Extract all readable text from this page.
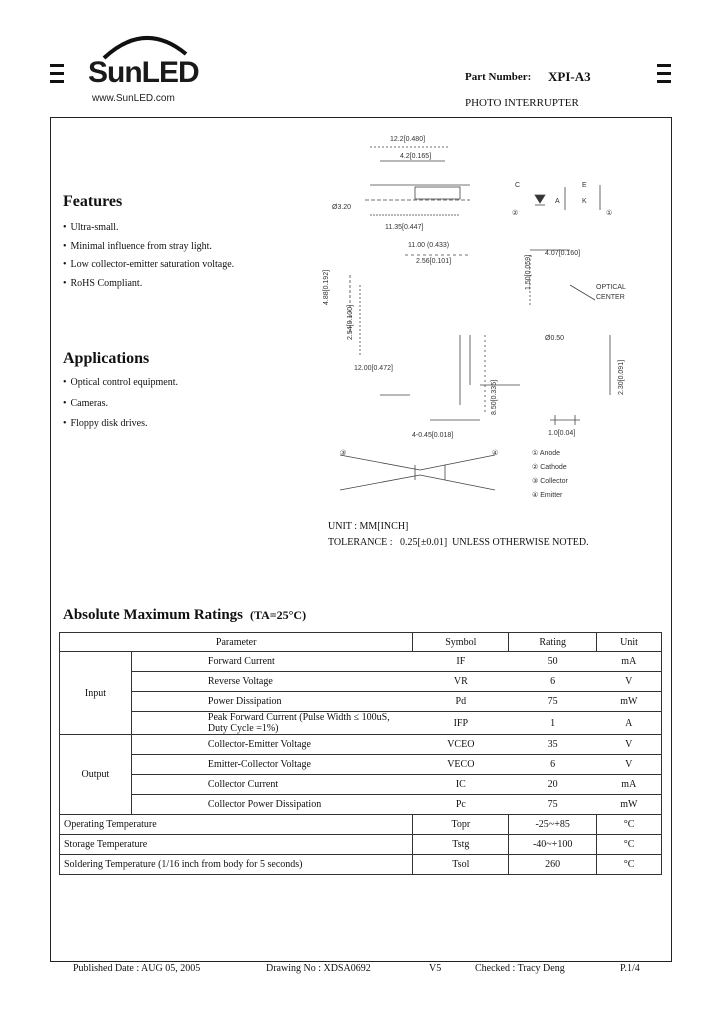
SunLED
www.SunLED.com
Part Number: XPI-A3
PHOTO INTERRUPTER
Features
• Ultra-small.
• Minimal influence from stray light.
• Low collector-emitter saturation voltage.
• RoHS Compliant.
Applications
• Optical control equipment.
• Cameras.
• Floppy disk drives.
12.2[0.480]
4.2[0.165]
Ø3.20
11.35[0.447]
11.00 (0.433)
2.56[0.101]
4.88[0.192]
2.54[0.100]
12.00[0.472]
8.50[0.335]
4.07[0.160]
1.50[0.059]
2.30[0.091]
Ø0.50
4-0.45[0.018]	1.0[0.04]
②	①
③	④
C
A
E
K
OPTICAL
CENTER
① Anode
② Cathode
③ Collector
④ Emitter
UNIT : MM[INCH]
TOLERANCE :   0.25[±0.01]  UNLESS OTHERWISE NOTED.
Absolute Maximum Ratings (TA=25°C)
Parameter		Symbol	Rating	Unit
Input	Forward Current	IF	50	mA
	Reverse Voltage	VR	6	V
	Power Dissipation	Pd	75	mW
	Peak Forward Current (Pulse Width ≤ 100uS, Duty Cycle =1%)	IFP	1	A
Output	Collector-Emitter Voltage	VCEO	35	V
	Emitter-Collector Voltage	VECO	6	V
	Collector Current	IC	20	mA
	Collector Power Dissipation	Pc	75	mW
Operating Temperature		Topr	-25~+85	°C
Storage Temperature		Tstg	-40~+100	°C
Soldering Temperature (1/16 inch from body for 5 seconds)		Tsol	260	°C
Published Date : AUG 05, 2005	Drawing No : XDSA0692	V5	Checked : Tracy Deng	P.1/4
